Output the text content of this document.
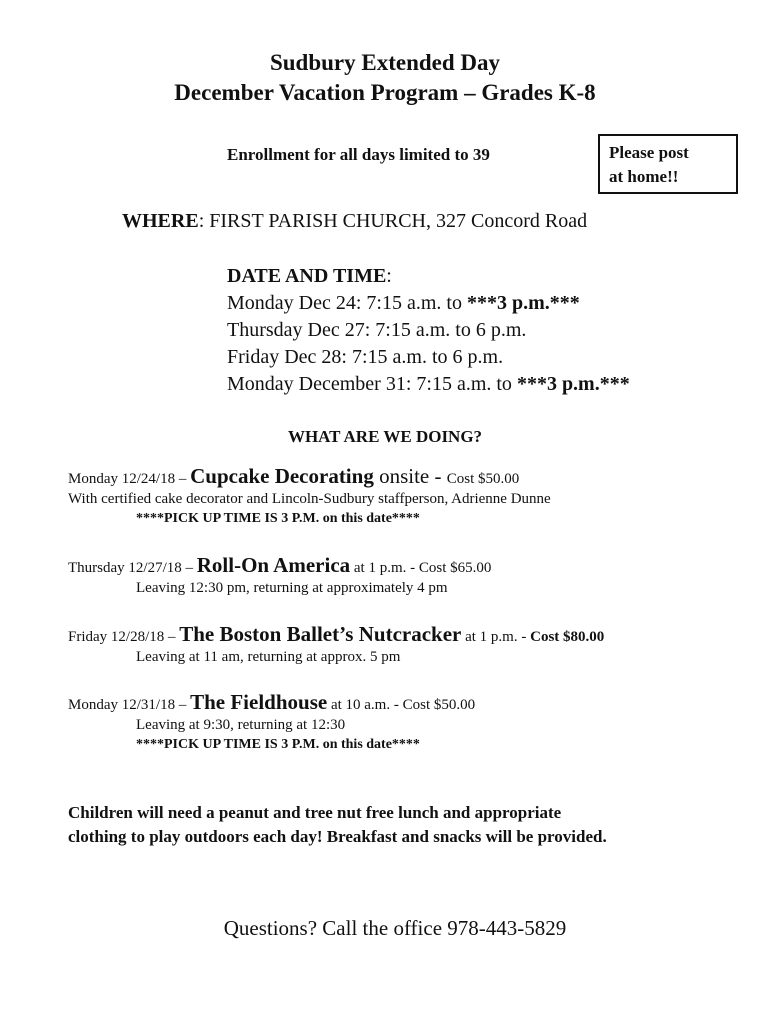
Sudbury Extended Day
December Vacation Program – Grades K-8
Enrollment for all days limited to 39	Please post
at home!!
WHERE: FIRST PARISH CHURCH, 327 Concord Road
DATE AND TIME:
Monday Dec 24: 7:15 a.m. to ***3 p.m.***
Thursday Dec 27: 7:15 a.m. to 6 p.m.
Friday Dec 28: 7:15 a.m. to 6 p.m.
Monday December 31: 7:15 a.m. to ***3 p.m.***
WHAT ARE WE DOING?
Monday 12/24/18 – Cupcake Decorating onsite - Cost $50.00
With certified cake decorator and Lincoln-Sudbury staffperson, Adrienne Dunne
****PICK UP TIME IS 3 P.M. on this date****
Thursday 12/27/18 – Roll-On America at 1 p.m. - Cost $65.00
Leaving 12:30 pm, returning at approximately 4 pm
Friday 12/28/18 – The Boston Ballet’s Nutcracker at 1 p.m. - Cost $80.00
Leaving at 11 am, returning at approx. 5 pm
Monday 12/31/18 – The Fieldhouse at 10 a.m. - Cost $50.00
Leaving at 9:30, returning at 12:30
****PICK UP TIME IS 3 P.M. on this date****
Children will need a peanut and tree nut free lunch and appropriate
clothing to play outdoors each day! Breakfast and snacks will be provided.
Questions? Call the office 978-443-5829
